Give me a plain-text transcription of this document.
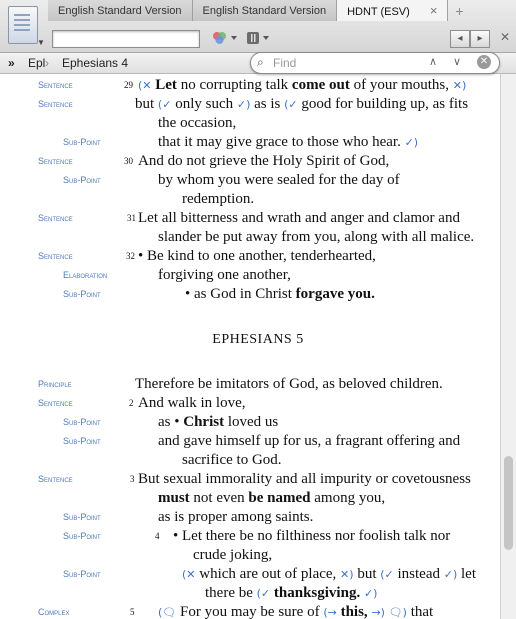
▼
English Standard Version	English Standard Version	HDNT (ESV) ×	+
◂	▸	✕
» Epl › Ephesians 4	⌕ Find	∧ ∨ ✕
Sentence	29 (✕ Let no corrupting talk come out of your mouths, ✕)
Sentence	but (✓ only such ✓) as is (✓ good for building up, as fits
the occasion,
Sub-Point	that it may give grace to those who hear. ✓)
Sentence	30 And do not grieve the Holy Spirit of God,
Sub-Point	by whom you were sealed for the day of
redemption.
Sentence	31 Let all bitterness and wrath and anger and clamor and
slander be put away from you, along with all malice.
Sentence	32 • Be kind to one another, tenderhearted,
Elaboration	forgiving one another,
Sub-Point	• as God in Christ forgave you.
EPHESIANS 5
Principle	Therefore be imitators of God, as beloved children.
Sentence	2 And walk in love,
Sub-Point	as • Christ loved us
Sub-Point	and gave himself up for us, a fragrant offering and
sacrifice to God.
Sentence	3 But sexual immorality and all impurity or covetousness
must not even be named among you,
Sub-Point	as is proper among saints.
Sub-Point	4 • Let there be no filthiness nor foolish talk nor
crude joking,
Sub-Point	(✕ which are out of place, ✕) but (✓ instead ✓) let
there be (✓ thanksgiving. ✓)
Complex	5 (🗨 For you may be sure of (→ this, →) 🗨) that
